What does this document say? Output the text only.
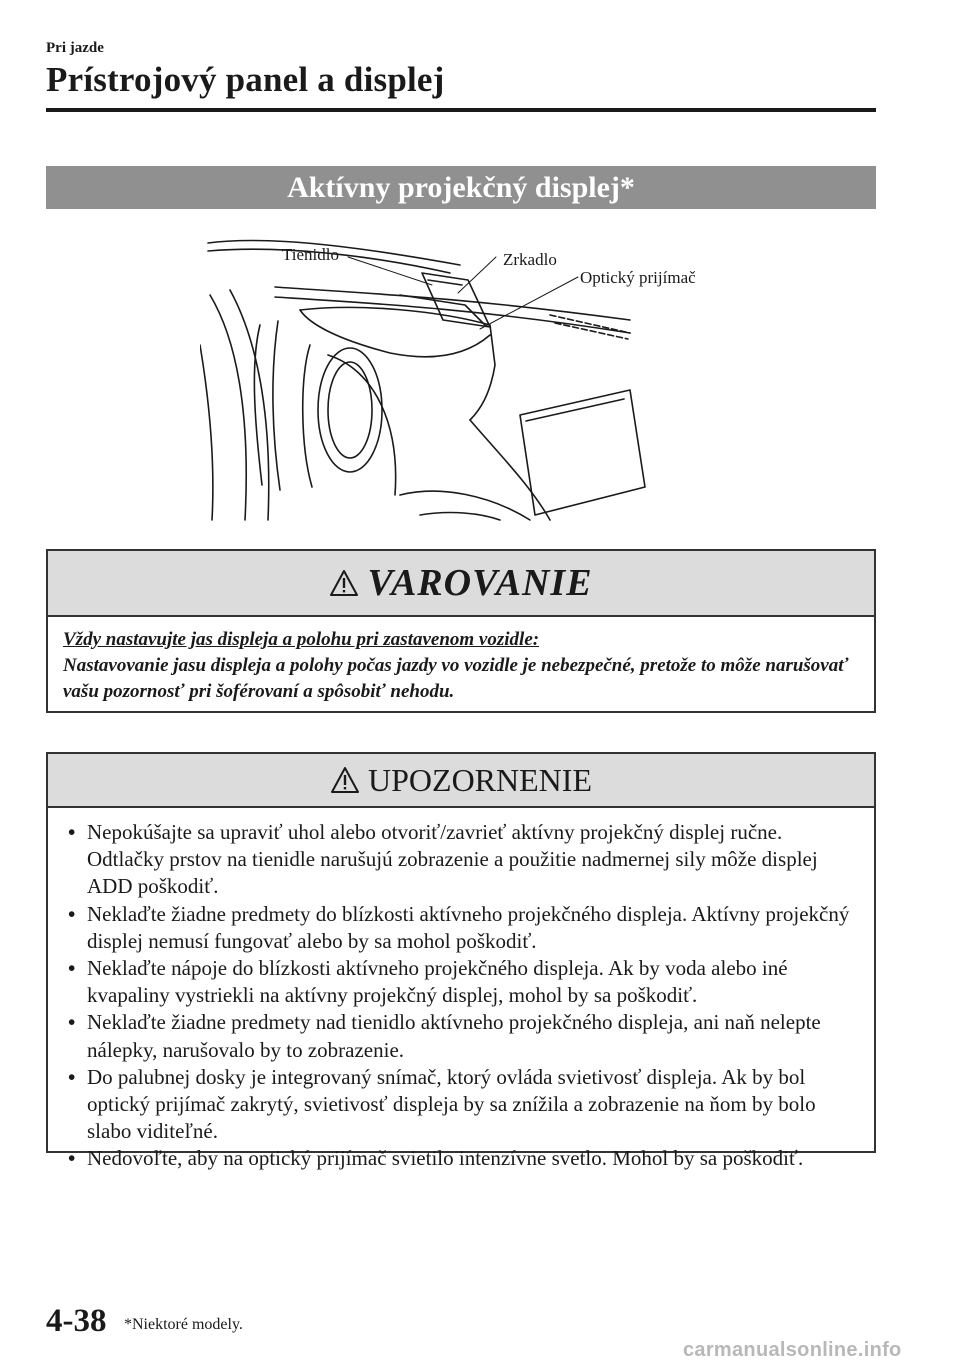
Pri jazde
Prístrojový panel a displej
Aktívny projekčný displej*
Tienidlo	Zrkadlo
Optický prijímač
VAROVANIE
Vždy nastavujte jas displeja a polohu pri zastavenom vozidle:
Nastavovanie jasu displeja a polohy počas jazdy vo vozidle je nebezpečné, pretože to môže narušovať vašu pozornosť pri šoférovaní a spôsobiť nehodu.
UPOZORNENIE
• Nepokúšajte sa upraviť uhol alebo otvoriť/zavrieť aktívny projekčný displej ručne. Odtlačky prstov na tienidle narušujú zobrazenie a použitie nadmernej sily môže displej ADD poškodiť.
• Neklaďte žiadne predmety do blízkosti aktívneho projekčného displeja. Aktívny projekčný displej nemusí fungovať alebo by sa mohol poškodiť.
• Neklaďte nápoje do blízkosti aktívneho projekčného displeja. Ak by voda alebo iné kvapaliny vystriekli na aktívny projekčný displej, mohol by sa poškodiť.
• Neklaďte žiadne predmety nad tienidlo aktívneho projekčného displeja, ani naň nelepte nálepky, narušovalo by to zobrazenie.
• Do palubnej dosky je integrovaný snímač, ktorý ovláda svietivosť displeja. Ak by bol optický prijímač zakrytý, svietivosť displeja by sa znížila a zobrazenie na ňom by bolo slabo viditeľné.
• Nedovoľte, aby na optický prijímač svietilo intenzívne svetlo. Mohol by sa poškodiť.
4-38 *Niektoré modely.
carmanualsonline.info
